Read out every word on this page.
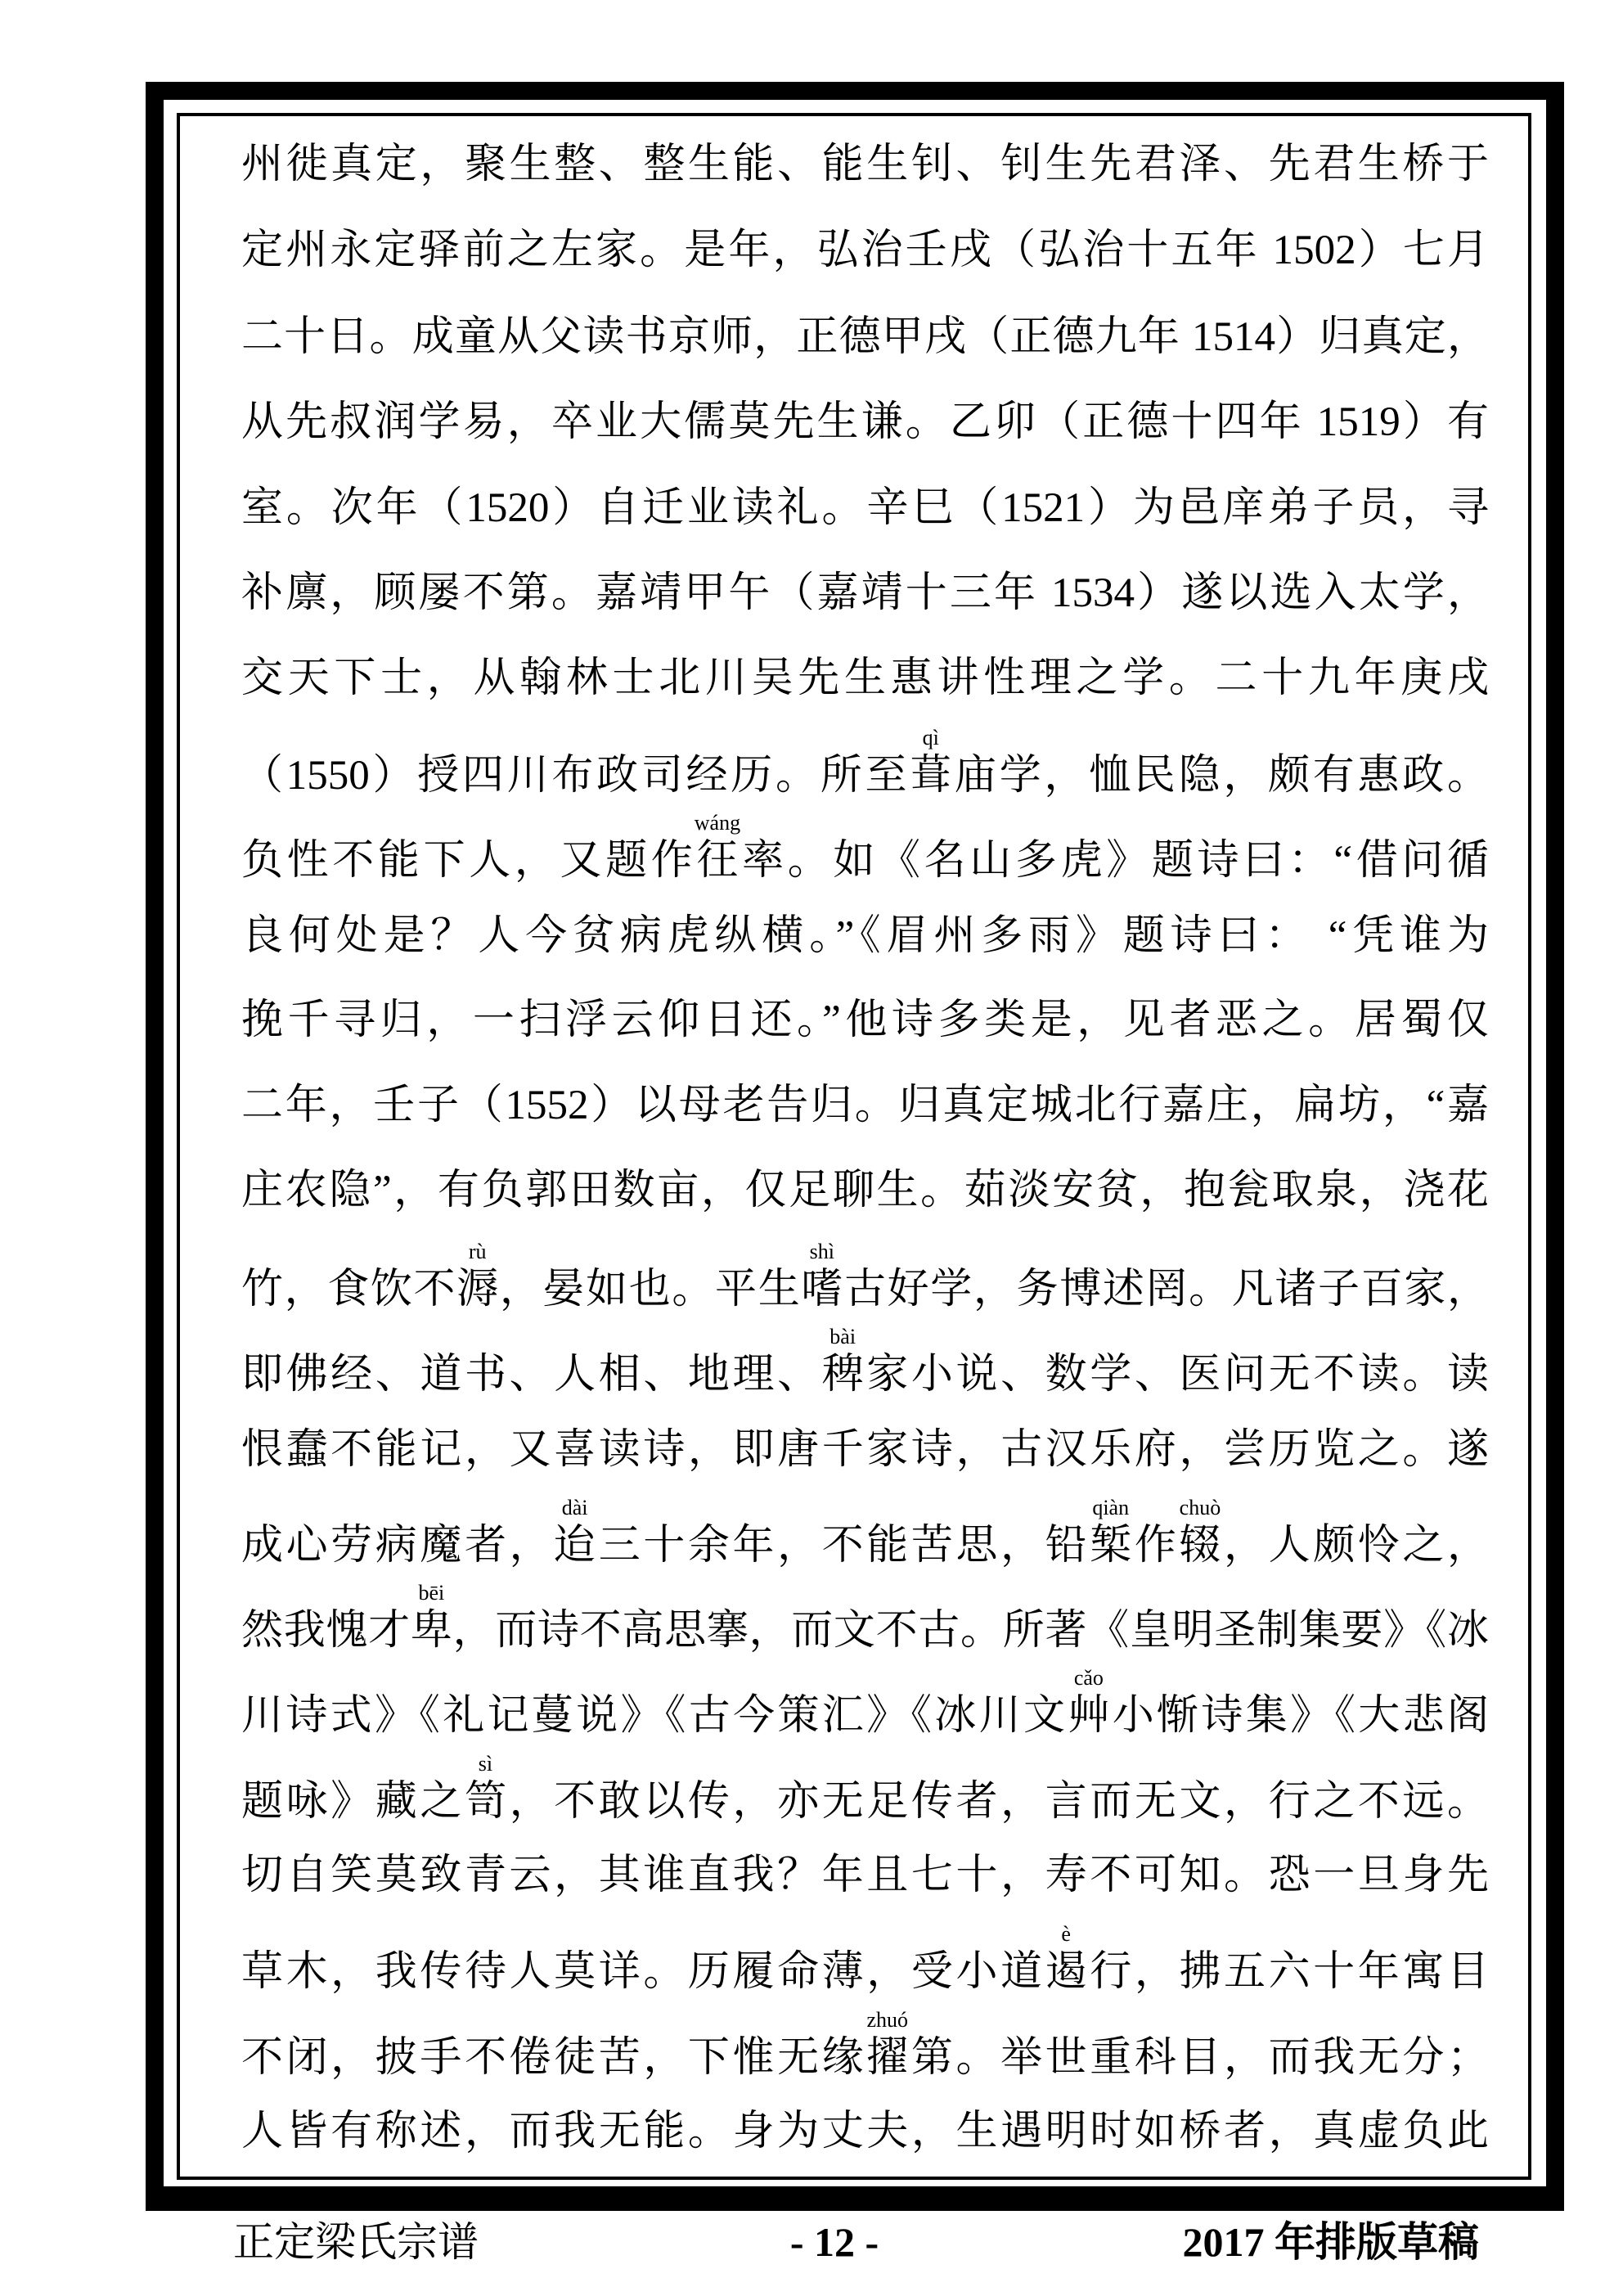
州徙真定，聚生整、整生能、能生钊、钊生先君泽、先君生桥于
定州永定驿前之左家。是年，弘治壬戌（弘治十五年 1502）七月
二十日。成童从父读书京师，正德甲戌（正德九年 1514）归真定，
从先叔润学易，卒业大儒莫先生谦。乙卯（正德十四年 1519）有
室。次年（1520）自迁业读礼。辛巳（1521）为邑庠弟子员，寻
补廪，顾屡不第。嘉靖甲午（嘉靖十三年 1534）遂以选入太学，
交天下士，从翰林士北川吴先生惠讲性理之学。二十九年庚戌
（1550）授四川布政司经历。所至葺
qì
庙学，恤民隐，颇有惠政。
负性不能下人，又题作彺
wáng
率。如《名山多虎》题诗曰：“借问循
良何处是？人今贫病虎纵横。”《眉州多雨》题诗曰： “凭谁为
挽千寻归，一扫浮云仰日还。”他诗多类是，见者恶之。居蜀仅
二年，壬子（1552）以母老告归。归真定城北行嘉庄，扁坊，“嘉
庄农隐”，有负郭田数亩，仅足聊生。茹淡安贫，抱瓮取泉，浇花
竹，食饮不溽
rù
，晏如也。平生嗜
shì
古好学，务博述罔。凡诸子百家，
即佛经、道书、人相、地理、稗
bài
家小说、数学、医问无不读。读
恨蠢不能记，又喜读诗，即唐千家诗，古汉乐府，尝历览之。遂
成心劳病魔者，迨
dài
三十余年，不能苦思，铅椠
qiàn
作辍
chuò
，人颇怜之，
然我愧才卑
bēi
，而诗不高思搴，而文不古。所著《皇明圣制集要》《冰
川诗式》《礼记蔓说》《古今策汇》《冰川文艸
cǎo
小惭诗集》《大悲阁
题咏》藏之笥
sì
，不敢以传，亦无足传者，言而无文，行之不远。
切自笑莫致青云，其谁直我？年且七十，寿不可知。恐一旦身先
草木，我传待人莫详。历履命薄，受小道遏
è
行，拂五六十年寓目
不闭，披手不倦徒苦，下惟无缘擢
zhuó
第。举世重科目，而我无分；
人皆有称述，而我无能。身为丈夫，生遇明时如桥者，真虚负此
正定梁氏宗谱	- 12 -	2017 年排版草稿
